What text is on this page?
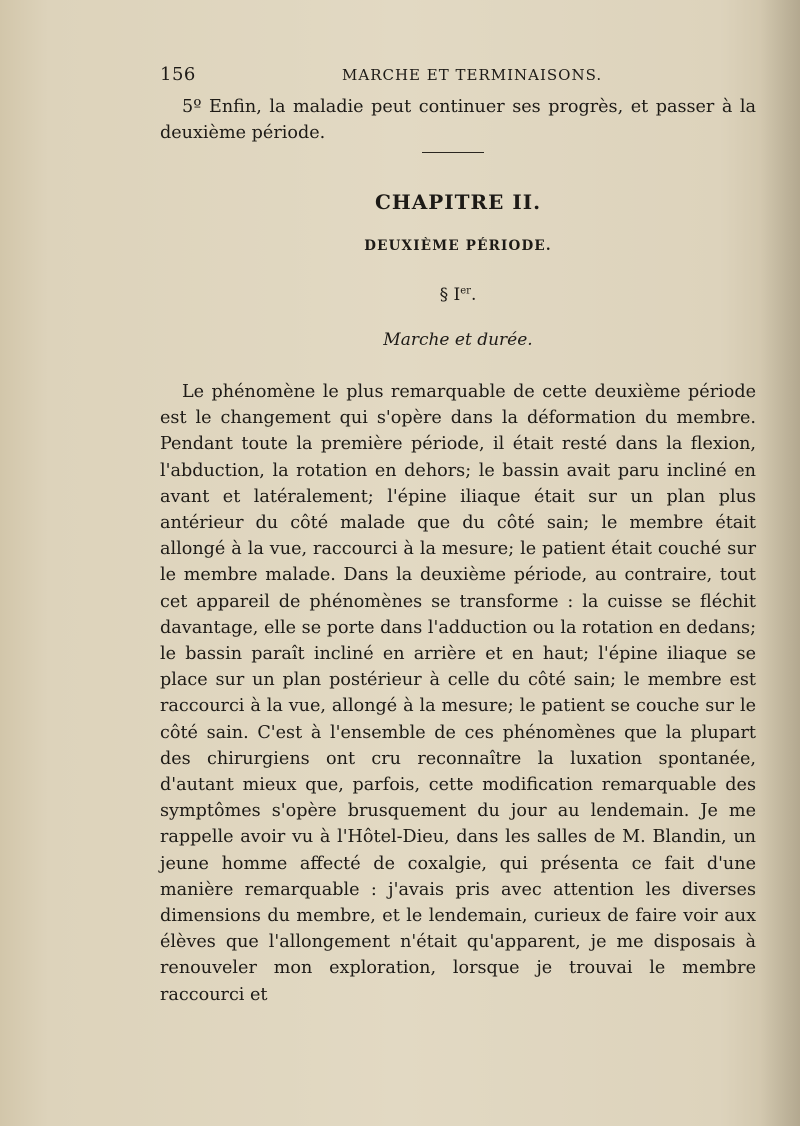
156	MARCHE ET TERMINAISONS.

5º Enfin, la maladie peut continuer ses progrès, et passer à la deuxième période.

CHAPITRE II.
DEUXIÈME PÉRIODE.
§ Ier.
Marche et durée.

Le phénomène le plus remarquable de cette deuxième période est le changement qui s'opère dans la déformation du membre. Pendant toute la première période, il était resté dans la flexion, l'abduction, la rotation en dehors; le bassin avait paru incliné en avant et latéralement; l'épine iliaque était sur un plan plus antérieur du côté malade que du côté sain; le membre était allongé à la vue, raccourci à la mesure; le patient était couché sur le membre malade. Dans la deuxième période, au contraire, tout cet appareil de phénomènes se transforme : la cuisse se fléchit davantage, elle se porte dans l'adduction ou la rotation en dedans; le bassin paraît incliné en arrière et en haut; l'épine iliaque se place sur un plan postérieur à celle du côté sain; le membre est raccourci à la vue, allongé à la mesure; le patient se couche sur le côté sain. C'est à l'ensemble de ces phénomènes que la plupart des chirurgiens ont cru reconnaître la luxation spontanée, d'autant mieux que, parfois, cette modification remarquable des symptômes s'opère brusquement du jour au lendemain. Je me rappelle avoir vu à l'Hôtel-Dieu, dans les salles de M. Blandin, un jeune homme affecté de coxalgie, qui présenta ce fait d'une manière remarquable : j'avais pris avec attention les diverses dimensions du membre, et le lendemain, curieux de faire voir aux élèves que l'allongement n'était qu'apparent, je me disposais à renouveler mon exploration, lorsque je trouvai le membre raccourci et
